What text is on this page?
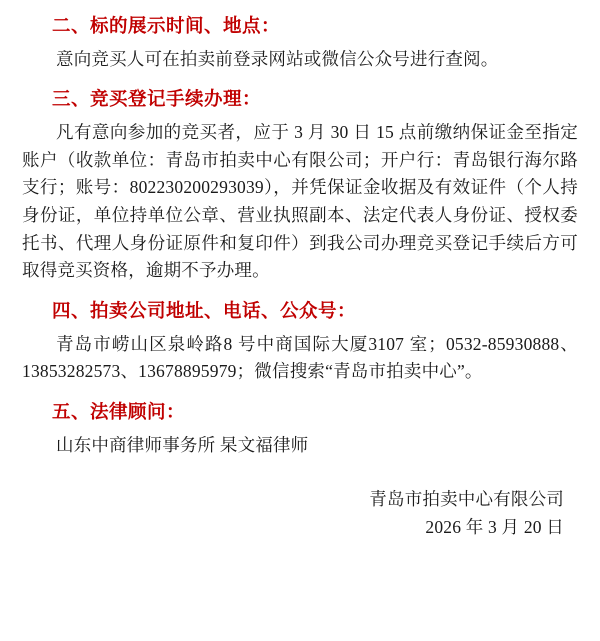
二、标的展示时间、地点：

意向竞买人可在拍卖前登录网站或微信公众号进行查阅。

三、竞买登记手续办理：

凡有意向参加的竞买者，应于 3 月 30 日 15 点前缴纳保证金至指定账户（收款单位：青岛市拍卖中心有限公司；开户行：青岛银行海尔路支行；账号：802230200293039），并凭保证金收据及有效证件（个人持身份证，单位持单位公章、营业执照副本、法定代表人身份证、授权委托书、代理人身份证原件和复印件）到我公司办理竞买登记手续后方可取得竞买资格，逾期不予办理。

四、拍卖公司地址、电话、公众号：

青岛市崂山区泉岭路8 号中商国际大厦3107 室；0532-85930888、13853282573、13678895979；微信搜索“青岛市拍卖中心”。

五、法律顾问：

山东中商律师事务所 杲文福律师

青岛市拍卖中心有限公司
2026 年 3 月 20 日
